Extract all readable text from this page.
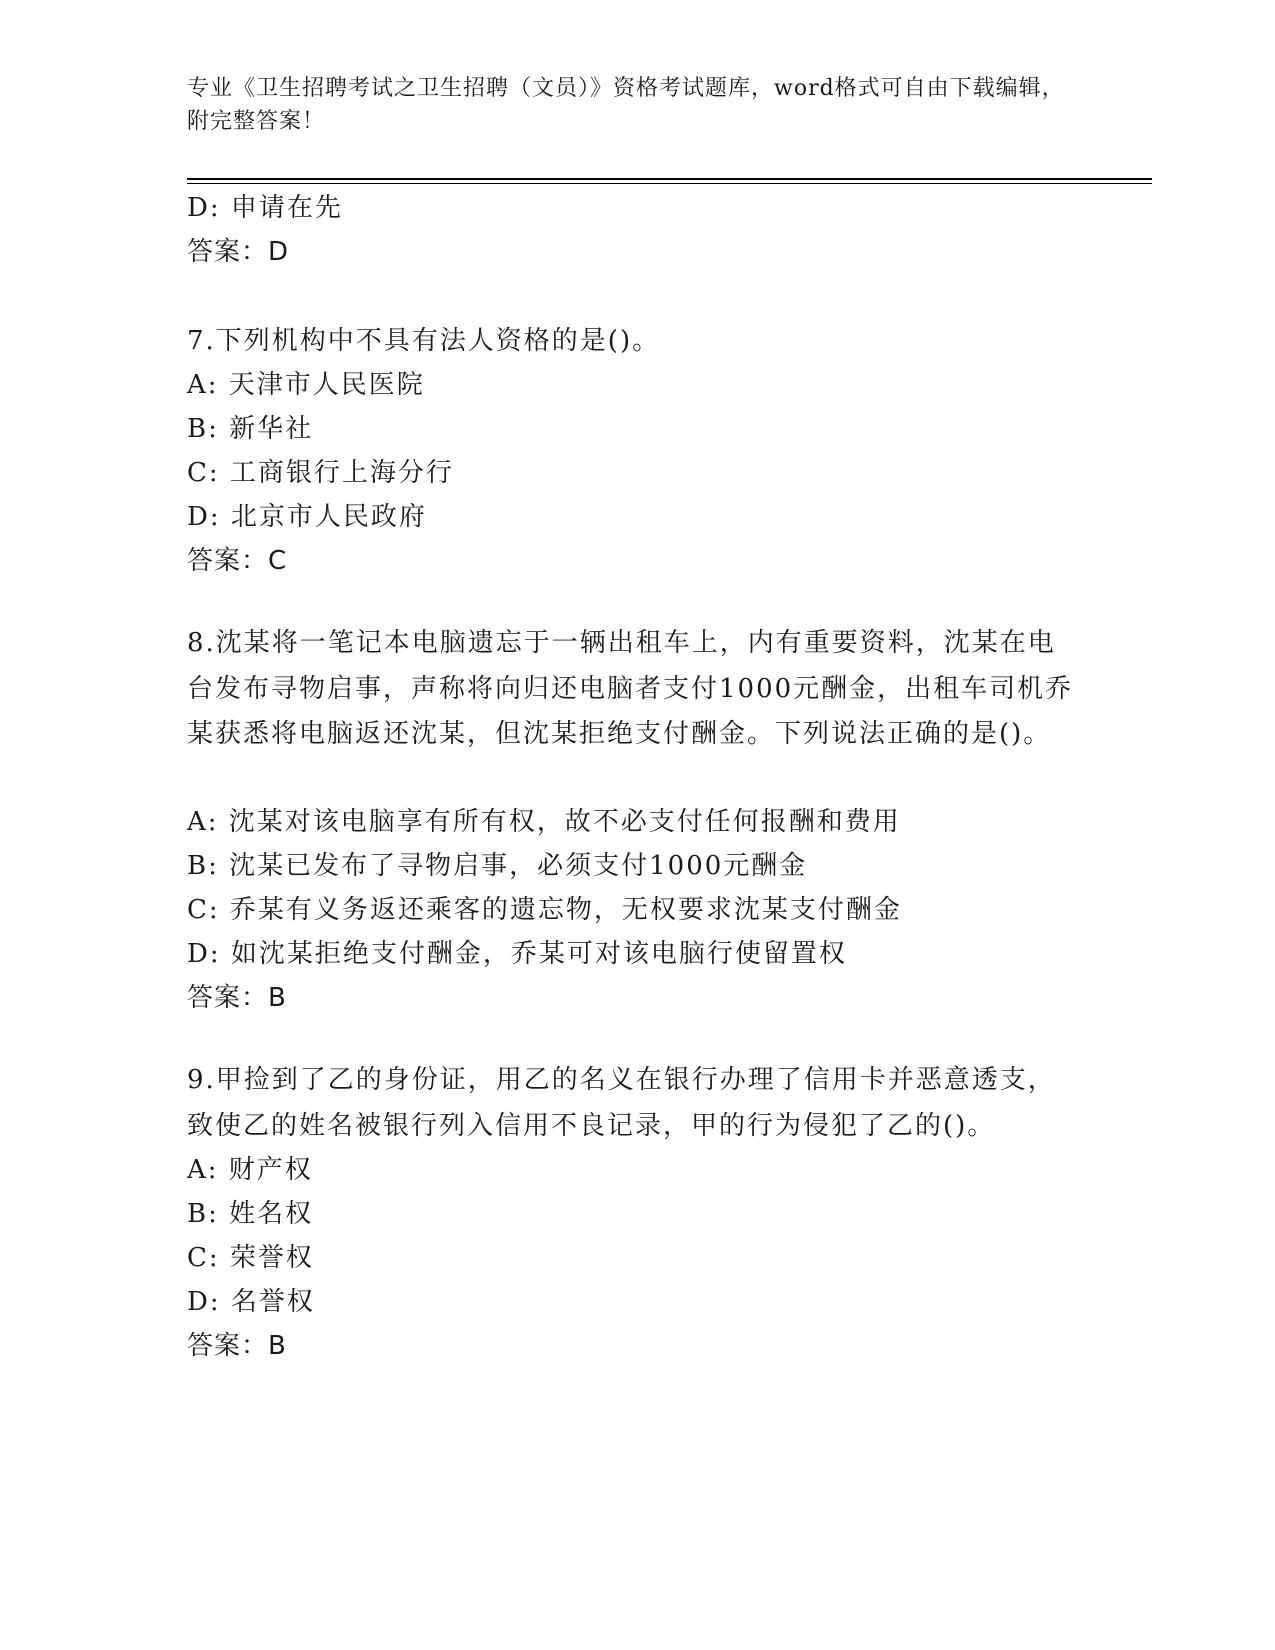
专业《卫生招聘考试之卫生招聘（文员）》资格考试题库，word格式可自由下载编辑，附完整答案！
D: 申请在先
答案：D
7.下列机构中不具有法人资格的是()。
A: 天津市人民医院
B: 新华社
C: 工商银行上海分行
D: 北京市人民政府
答案：C
8.沈某将一笔记本电脑遗忘于一辆出租车上，内有重要资料，沈某在电台发布寻物启事，声称将向归还电脑者支付1000元酬金，出租车司机乔某获悉将电脑返还沈某，但沈某拒绝支付酬金。下列说法正确的是()。
A: 沈某对该电脑享有所有权，故不必支付任何报酬和费用
B: 沈某已发布了寻物启事，必须支付1000元酬金
C: 乔某有义务返还乘客的遗忘物，无权要求沈某支付酬金
D: 如沈某拒绝支付酬金，乔某可对该电脑行使留置权
答案：B
9.甲捡到了乙的身份证，用乙的名义在银行办理了信用卡并恶意透支，致使乙的姓名被银行列入信用不良记录，甲的行为侵犯了乙的()。
A: 财产权
B: 姓名权
C: 荣誉权
D: 名誉权
答案：B
